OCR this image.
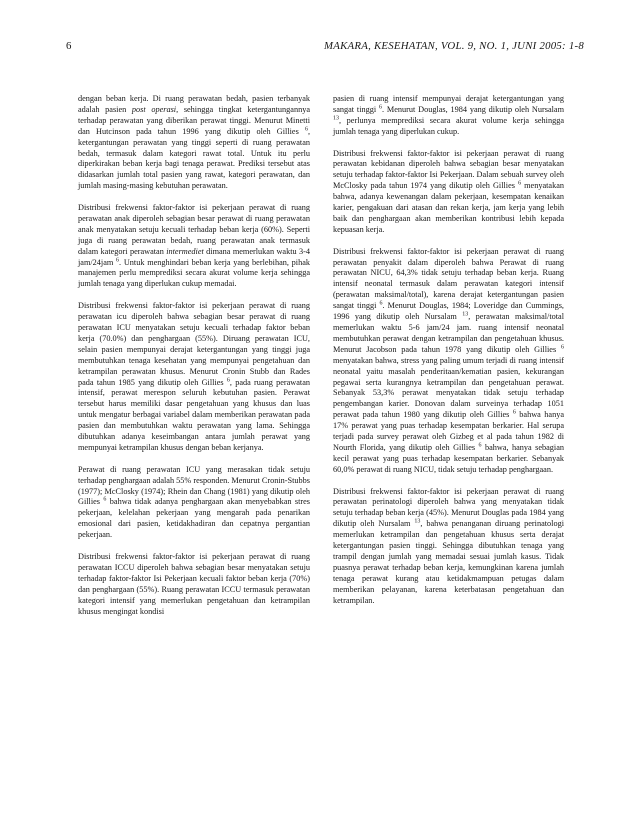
6	MAKARA, KESEHATAN, VOL. 9, NO. 1, JUNI 2005: 1-8

dengan beban kerja. Di ruang perawatan bedah, pasien terbanyak adalah pasien post operasi, sehingga tingkat ketergantungannya terhadap perawatan yang diberikan perawat tinggi. Menurut Minetti dan Hutcinson pada tahun 1996 yang dikutip oleh Gillies $^6$, ketergantungan perawatan yang tinggi seperti di ruang perawatan bedah, termasuk dalam kategori rawat total. Untuk itu perlu diperkirakan beban kerja bagi tenaga perawat. Prediksi tersebut atas didasarkan jumlah total pasien yang rawat, kategori perawatan, dan jumlah masing-masing kebutuhan perawatan.

Distribusi frekwensi faktor-faktor isi pekerjaan perawat di ruang perawatan anak diperoleh sebagian besar perawat di ruang perawatan anak menyatakan setuju kecuali terhadap beban kerja (60%). Seperti juga di ruang perawatan bedah, ruang perawatan anak termasuk dalam kategori perawatan intermediet dimana memerlukan waktu 3-4 jam/24jam $^6$. Untuk menghindari beban kerja yang berlebihan, pihak manajemen perlu memprediksi secara akurat volume kerja sehingga jumlah tenaga yang diperlukan cukup memadai.

Distribusi frekwensi faktor-faktor isi pekerjaan perawat di ruang perawatan icu diperoleh bahwa sebagian besar perawat di ruang perawatan ICU menyatakan setuju kecuali terhadap faktor beban kerja (70.0%) dan penghargaan (55%). Diruang perawatan ICU, selain pasien mempunyai derajat ketergantungan yang tinggi juga membutuhkan tenaga kesehatan yang mempunyai pengetahuan dan ketrampilan perawatan khusus. Menurut Cronin Stubb dan Rades pada tahun 1985 yang dikutip oleh Gillies $^6$, pada ruang perawatan intensif, perawat merespon seluruh kebutuhan pasien. Perawat tersebut harus memiliki dasar pengetahuan yang khusus dan luas untuk mengatur berbagai variabel dalam memberikan perawatan pada pasien dan membutuhkan waktu perawatan yang lama. Sehingga dibutuhkan adanya keseimbangan antara jumlah perawat yang mempunyai ketrampilan khusus dengan beban kerjanya.

Perawat di ruang perawatan ICU yang merasakan tidak setuju terhadap penghargaan adalah 55% responden. Menurut Cronin-Stubbs (1977); McClosky (1974); Rhein dan Chang (1981) yang dikutip oleh Gillies $^6$ bahwa tidak adanya penghargaan akan menyebabkan stres pekerjaan, kelelahan pekerjaan yang mengarah pada penarikan emosional dari pasien, ketidakhadiran dan cepatnya pergantian pekerjaan.

Distribusi frekwensi faktor-faktor isi pekerjaan perawat di ruang perawatan ICCU diperoleh bahwa sebagian besar menyatakan setuju terhadap faktor-faktor Isi Pekerjaan kecuali faktor beban kerja (70%) dan penghargaan (55%). Ruang perawatan ICCU termasuk perawatan kategori intensif yang memerlukan pengetahuan dan ketrampilan khusus mengingat kondisi

pasien di ruang intensif mempunyai derajat ketergantungan yang sangat tinggi $^6$. Menurut Douglas, 1984 yang dikutip oleh Nursalam $^{13}$, perlunya memprediksi secara akurat volume kerja sehingga jumlah tenaga yang diperlukan cukup.

Distribusi frekwensi faktor-faktor isi pekerjaan perawat di ruang perawatan kebidanan diperoleh bahwa sebagian besar menyatakan setuju terhadap faktor-faktor Isi Pekerjaan. Dalam sebuah survey oleh McClosky pada tahun 1974 yang dikutip oleh Gillies $^6$ menyatakan bahwa, adanya kewenangan dalam pekerjaan, kesempatan kenaikan karier, pengakuan dari atasan dan rekan kerja, jam kerja yang lebih baik dan penghargaan akan memberikan kontribusi lebih kepada kepuasan kerja.

Distribusi frekwensi faktor-faktor isi pekerjaan perawat di ruang perawatan penyakit dalam diperoleh bahwa Perawat di ruang perawatan NICU, 64,3% tidak setuju terhadap beban kerja. Ruang intensif neonatal termasuk dalam perawatan kategori intensif (perawatan maksimal/total), karena derajat ketergantungan pasien sangat tinggi $^6$. Menurut Douglas, 1984; Loveridge dan Cummings, 1996 yang dikutip oleh Nursalam $^{13}$, perawatan maksimal/total memerlukan waktu 5-6 jam/24 jam. ruang intensif neonatal membutuhkan perawat dengan ketrampilan dan pengetahuan khusus. Menurut Jacobson pada tahun 1978 yang dikutip oleh Gillies $^6$ menyatakan bahwa, stress yang paling umum terjadi di ruang intensif neonatal yaitu masalah penderitaan/kematian pasien, kekurangan pegawai serta kurangnya ketrampilan dan pengetahuan perawat. Sebanyak 53,3% perawat menyatakan tidak setuju terhadap pengembangan karier. Donovan dalam surveinya terhadap 1051 perawat pada tahun 1980 yang dikutip oleh Gillies $^6$ bahwa hanya 17% perawat yang puas terhadap kesempatan berkarier. Hal serupa terjadi pada survey perawat oleh Gizbeg et al pada tahun 1982 di Nourth Florida, yang dikutip oleh Gillies $^6$ bahwa, hanya sebagian kecil perawat yang puas terhadap kesempatan berkarier. Sebanyak 60,0% perawat di ruang NICU, tidak setuju terhadap penghargaan.

Distribusi frekwensi faktor-faktor isi pekerjaan perawat di ruang perawatan perinatologi diperoleh bahwa yang menyatakan tidak setuju terhadap beban kerja (45%). Menurut Douglas pada 1984 yang dikutip oleh Nursalam $^{13}$, bahwa penanganan diruang perinatologi memerlukan ketrampilan dan pengetahuan khusus serta derajat ketergantungan pasien tinggi. Sehingga dibutuhkan tenaga yang trampil dengan jumlah yang memadai sesuai jumlah kasus. Tidak puasnya perawat terhadap beban kerja, kemungkinan karena jumlah tenaga perawat kurang atau ketidakmampuan petugas dalam memberikan pelayanan, karena keterbatasan pengetahuan dan ketrampilan.
